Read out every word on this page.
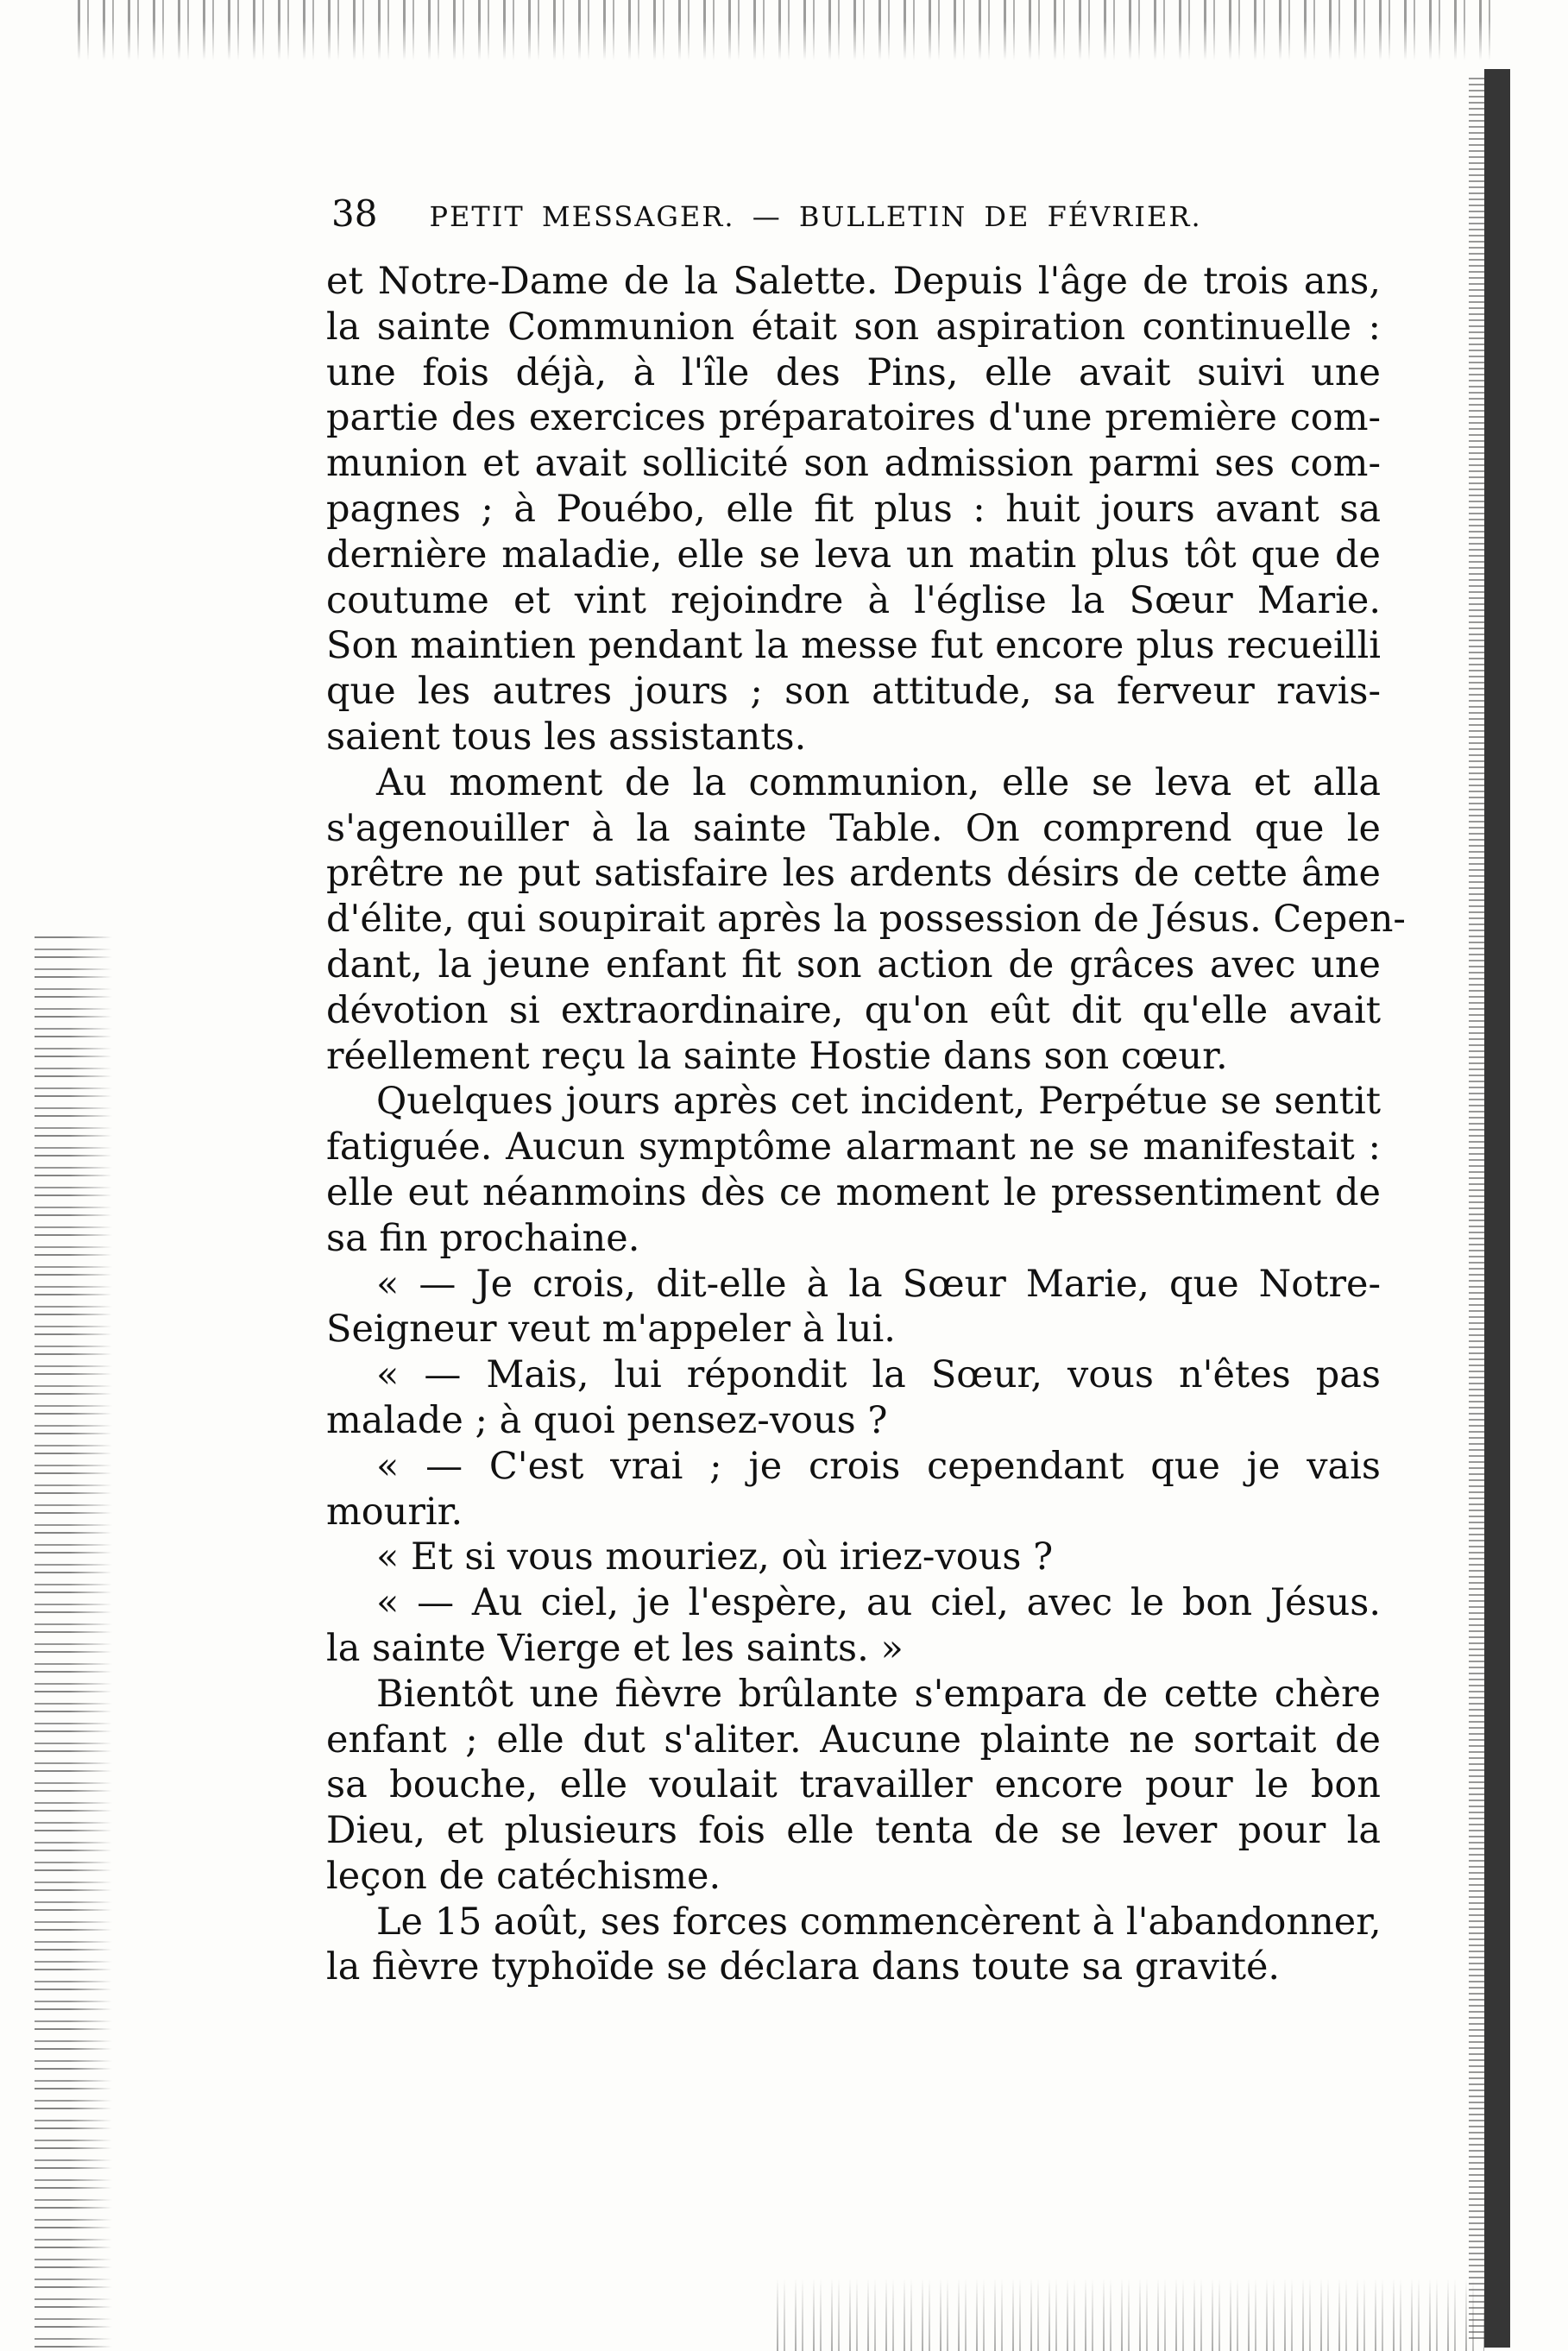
38 PETIT MESSAGER. — BULLETIN DE FÉVRIER.
et Notre-Dame de la Salette. Depuis l'âge de trois ans,
la sainte Communion était son aspiration continuelle :
une fois déjà, à l'île des Pins, elle avait suivi une
partie des exercices préparatoires d'une première com-
munion et avait sollicité son admission parmi ses com-
pagnes ; à Pouébo, elle fit plus : huit jours avant sa
dernière maladie, elle se leva un matin plus tôt que de
coutume et vint rejoindre à l'église la Sœur Marie.
Son maintien pendant la messe fut encore plus recueilli
que les autres jours ; son attitude, sa ferveur ravis-
saient tous les assistants.
Au moment de la communion, elle se leva et alla
s'agenouiller à la sainte Table. On comprend que le
prêtre ne put satisfaire les ardents désirs de cette âme
d'élite, qui soupirait après la possession de Jésus. Cepen-
dant, la jeune enfant fit son action de grâces avec une
dévotion si extraordinaire, qu'on eût dit qu'elle avait
réellement reçu la sainte Hostie dans son cœur.
Quelques jours après cet incident, Perpétue se sentit
fatiguée. Aucun symptôme alarmant ne se manifestait :
elle eut néanmoins dès ce moment le pressentiment de
sa fin prochaine.
« — Je crois, dit-elle à la Sœur Marie, que Notre-
Seigneur veut m'appeler à lui.
« — Mais, lui répondit la Sœur, vous n'êtes pas
malade ; à quoi pensez-vous ?
« — C'est vrai ; je crois cependant que je vais
mourir.
« Et si vous mouriez, où iriez-vous ?
« — Au ciel, je l'espère, au ciel, avec le bon Jésus.
la sainte Vierge et les saints. »
Bientôt une fièvre brûlante s'empara de cette chère
enfant ; elle dut s'aliter. Aucune plainte ne sortait de
sa bouche, elle voulait travailler encore pour le bon
Dieu, et plusieurs fois elle tenta de se lever pour la
leçon de catéchisme.
Le 15 août, ses forces commencèrent à l'abandonner,
la fièvre typhoïde se déclara dans toute sa gravité.
